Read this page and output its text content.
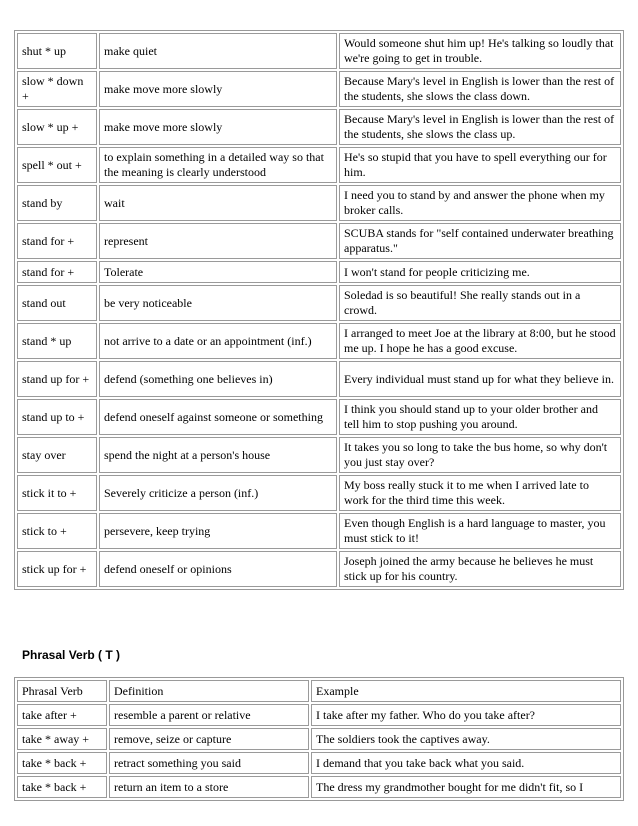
shut * up	make quiet	Would someone shut him up! He's talking so loudly that we're going to get in trouble.
slow * down +	make move more slowly	Because Mary's level in English is lower than the rest of the students, she slows the class down.
slow * up +	make move more slowly	Because Mary's level in English is lower than the rest of the students, she slows the class up.
spell * out +	to explain something in a detailed way so that the meaning is clearly understood	He's so stupid that you have to spell everything our for him.
stand by	wait	I need you to stand by and answer the phone when my broker calls.
stand for +	represent	SCUBA stands for "self contained underwater breathing apparatus."
stand for +	Tolerate	I won't stand for people criticizing me.
stand out	be very noticeable	Soledad is so beautiful! She really stands out in a crowd.
stand * up	not arrive to a date or an appointment (inf.)	I arranged to meet Joe at the library at 8:00, but he stood me up. I hope he has a good excuse.
stand up for +	defend (something one believes in)	Every individual must stand up for what they believe in.
stand up to +	defend oneself against someone or something	I think you should stand up to your older brother and tell him to stop pushing you around.
stay over	spend the night at a person's house	It takes you so long to take the bus home, so why don't you just stay over?
stick it to +	Severely criticize a person (inf.)	My boss really stuck it to me when I arrived late to work for the third time this week.
stick to +	persevere, keep trying	Even though English is a hard language to master, you must stick to it!
stick up for +	defend oneself or opinions	Joseph joined the army because he believes he must stick up for his country.
Phrasal Verb ( T )
Phrasal Verb	Definition	Example
take after +	resemble a parent or relative	I take after my father. Who do you take after?
take * away +	remove, seize or capture	The soldiers took the captives away.
take * back +	retract something you said	I demand that you take back what you said.
take * back +	return an item to a store	The dress my grandmother bought for me didn't fit, so I
